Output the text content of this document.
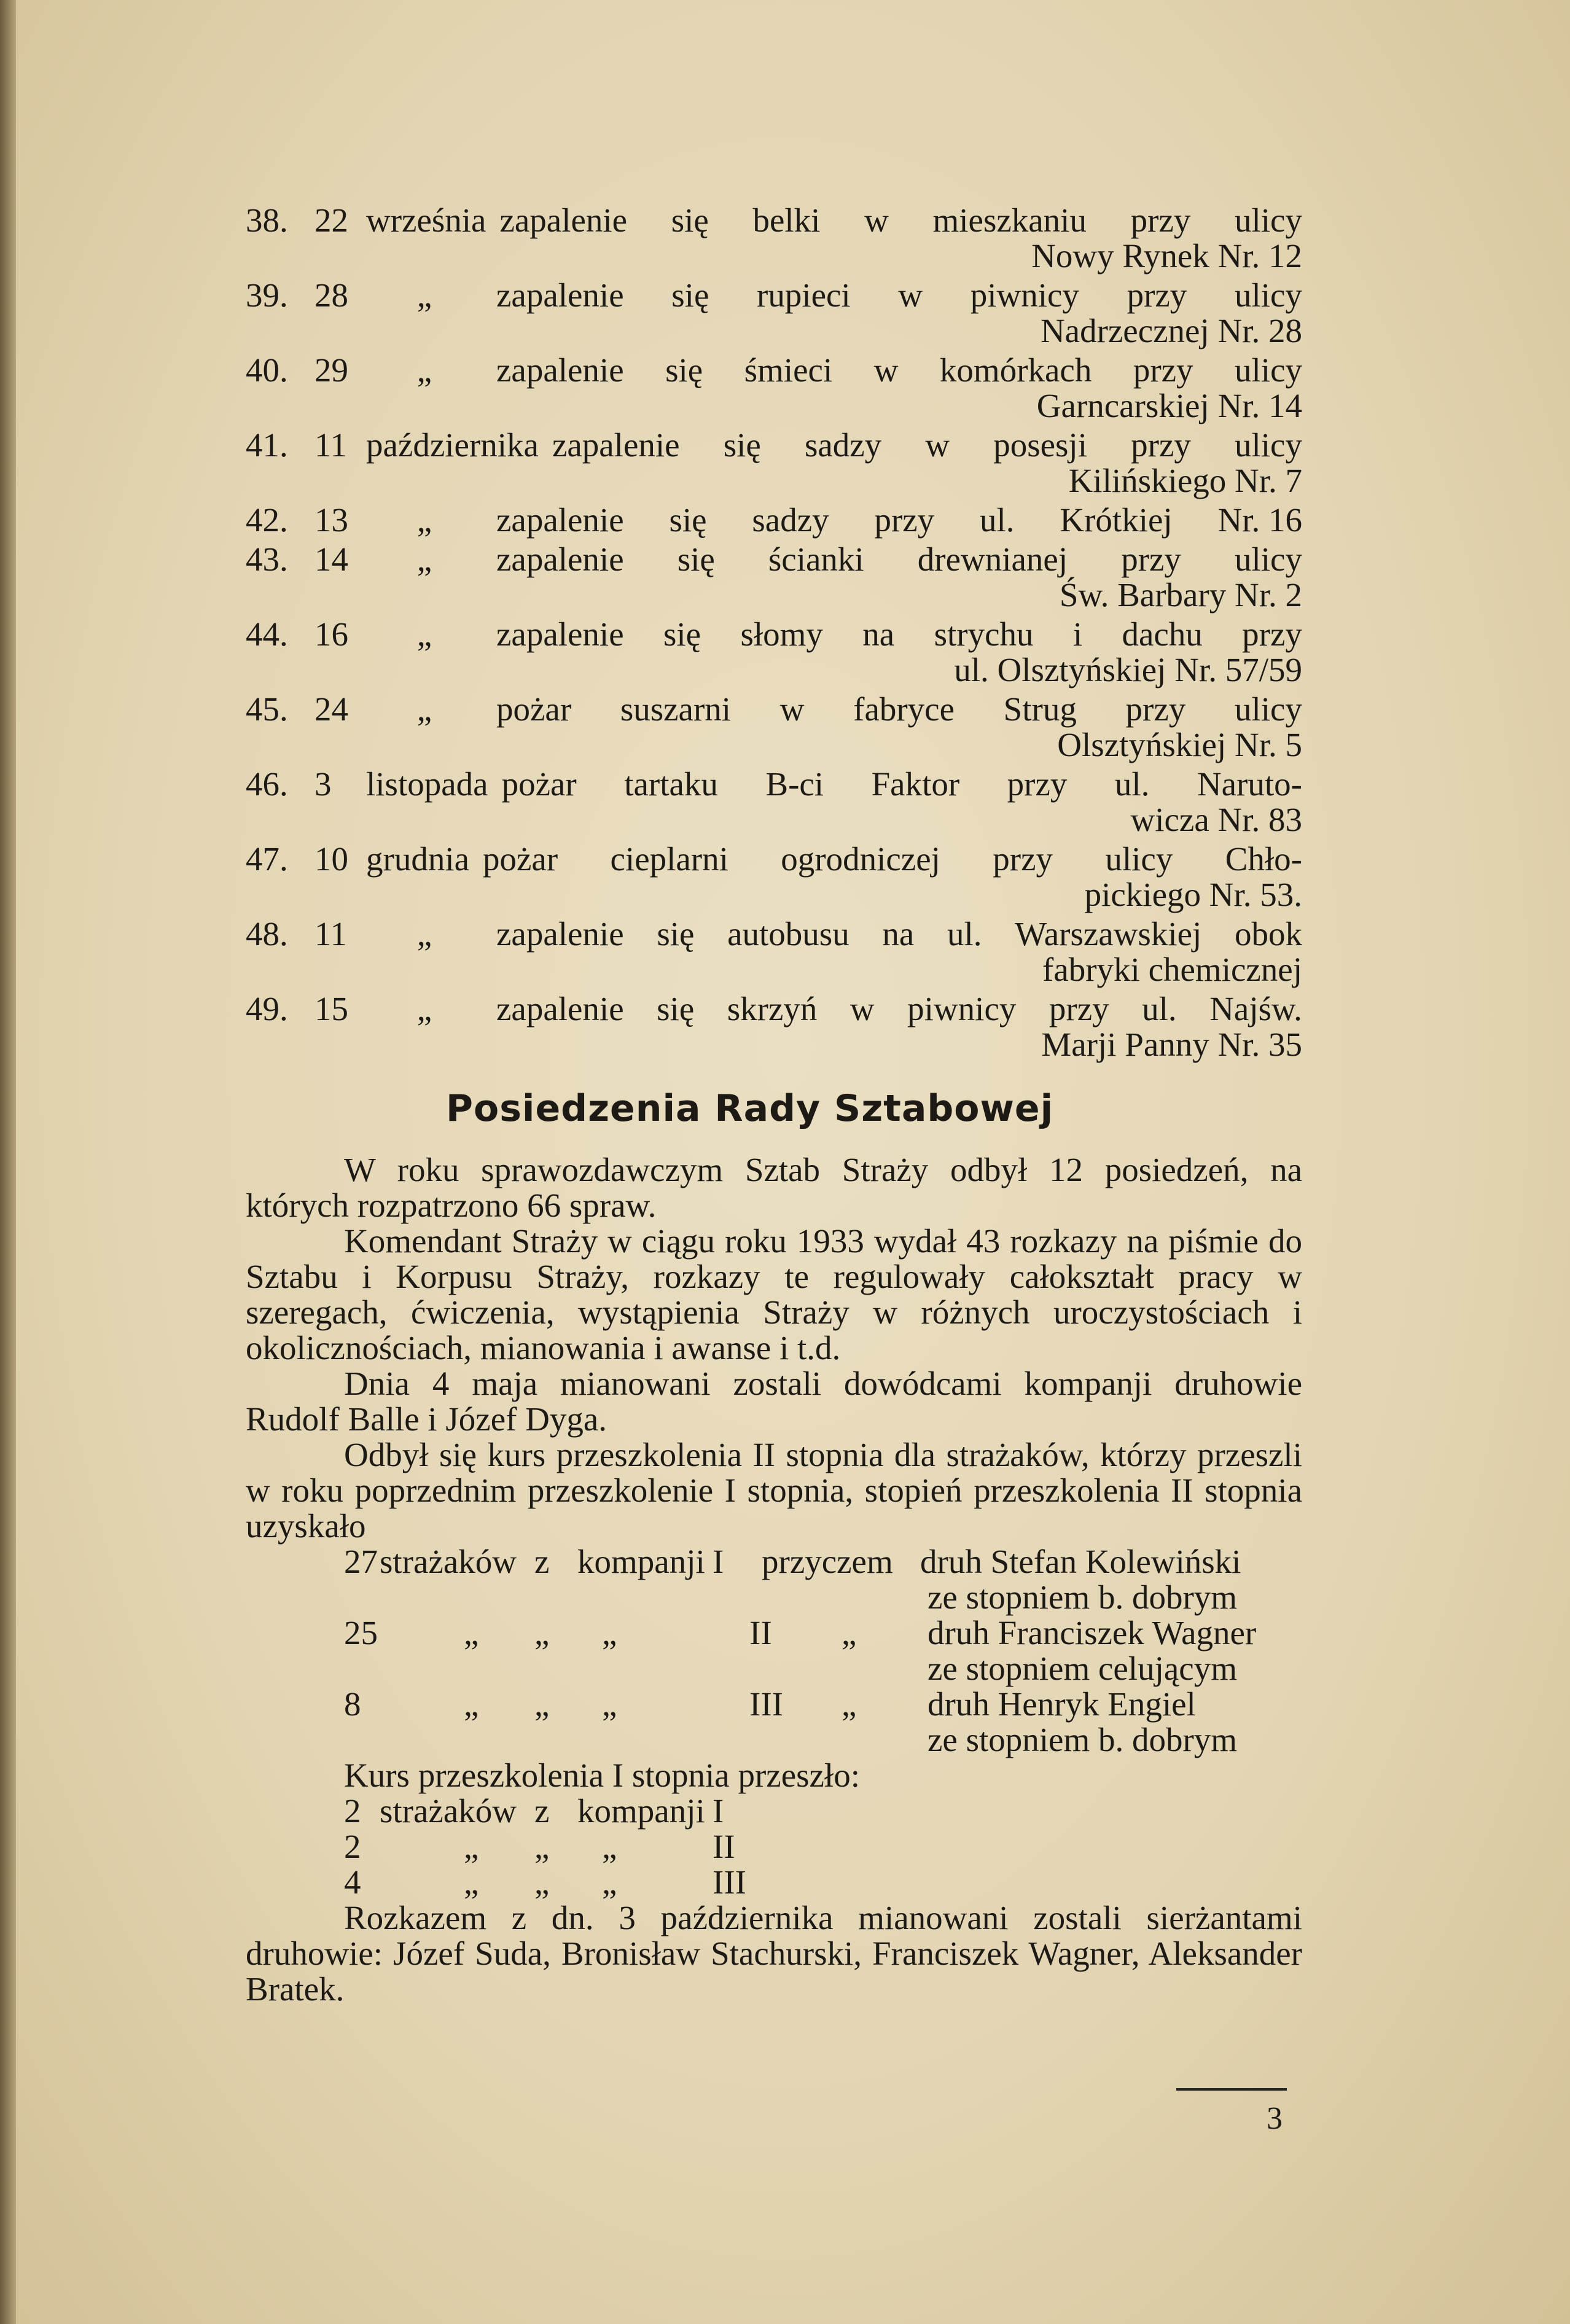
38. 22 września zapalenie się belki w mieszkaniu przy ulicy
Nowy Rynek Nr. 12
39. 28	„	zapalenie się rupieci w piwnicy przy ulicy
Nadrzecznej Nr. 28
40. 29	„	zapalenie się śmieci w komórkach przy ulicy
Garncarskiej Nr. 14
41. 11 października zapalenie się sadzy w posesji przy ulicy
Kilińskiego Nr. 7
42. 13	„	zapalenie się sadzy przy ul. Krótkiej Nr. 16
43. 14	„	zapalenie się ścianki drewnianej przy ulicy
Św. Barbary Nr. 2
44. 16	„	zapalenie się słomy na strychu i dachu przy
ul. Olsztyńskiej Nr. 57/59
45. 24	„	pożar suszarni w fabryce Strug przy ulicy
Olsztyńskiej Nr. 5
46. 3	listopada pożar tartaku B-ci Faktor przy ul. Naruto-
wicza Nr. 83
47. 10 grudnia pożar cieplarni ogrodniczej przy ulicy Chło-
pickiego Nr. 53.
48. 11	„	zapalenie się autobusu na ul. Warszawskiej obok
fabryki chemicznej
49. 15	„	zapalenie się skrzyń w piwnicy przy ul. Najśw.
Marji Panny Nr. 35
Posiedzenia Rady Sztabowej

W roku sprawozdawczym Sztab Straży odbył 12 posiedzeń, na których rozpatrzono 66 spraw.

Komendant Straży w ciągu roku 1933 wydał 43 rozkazy na piśmie do Sztabu i Korpusu Straży, rozkazy te regulowały całokształt pracy w szeregach, ćwiczenia, wystąpienia Straży w różnych uroczystościach i okolicznościach, mianowania i awanse i t.d.

Dnia 4 maja mianowani zostali dowódcami kompanji druhowie Rudolf Balle i Józef Dyga.

Odbył się kurs przeszkolenia II stopnia dla strażaków, którzy przeszli w roku poprzednim przeszkolenie I stopnia, stopień przeszkolenia II stopnia uzyskało

27 strażaków z kompanji I przyczem druh Stefan Kolewiński
ze stopniem b. dobrym
25	„ „ „	II „ druh Franciszek Wagner
ze stopniem celującym
8	„ „ „	III „ druh Henryk Engiel
ze stopniem b. dobrym
Kurs przeszkolenia I stopnia przeszło:
2 strażaków z kompanji I
2	„ „ „	II
4	„ „ „	III

Rozkazem z dn. 3 października mianowani zostali sierżantami druhowie: Józef Suda, Bronisław Stachurski, Franciszek Wagner, Aleksander Bratek.

3
